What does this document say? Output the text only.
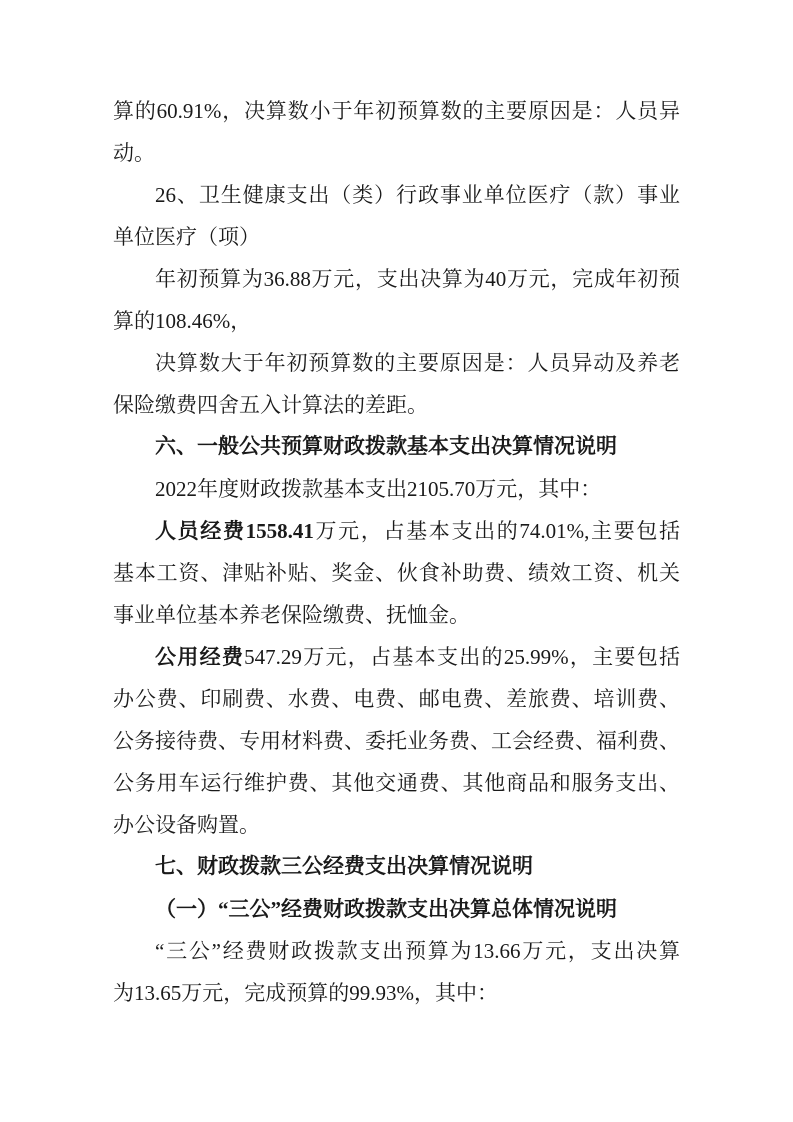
算的60.91%，决算数小于年初预算数的主要原因是：人员异
动。
26、卫生健康支出（类）行政事业单位医疗（款）事业
单位医疗（项）
年初预算为36.88万元，支出决算为40万元，完成年初预
算的108.46%，
决算数大于年初预算数的主要原因是：人员异动及养老
保险缴费四舍五入计算法的差距。
六、一般公共预算财政拨款基本支出决算情况说明
2022年度财政拨款基本支出2105.70万元，其中：
人员经费1558.41万元，占基本支出的74.01%,主要包括
基本工资、津贴补贴、奖金、伙食补助费、绩效工资、机关
事业单位基本养老保险缴费、抚恤金。
公用经费547.29万元，占基本支出的25.99%，主要包括
办公费、印刷费、水费、电费、邮电费、差旅费、培训费、
公务接待费、专用材料费、委托业务费、工会经费、福利费、
公务用车运行维护费、其他交通费、其他商品和服务支出、
办公设备购置。
七、财政拨款三公经费支出决算情况说明
（一）“三公”经费财政拨款支出决算总体情况说明
“三公”经费财政拨款支出预算为13.66万元，支出决算
为13.65万元，完成预算的99.93%，其中：
